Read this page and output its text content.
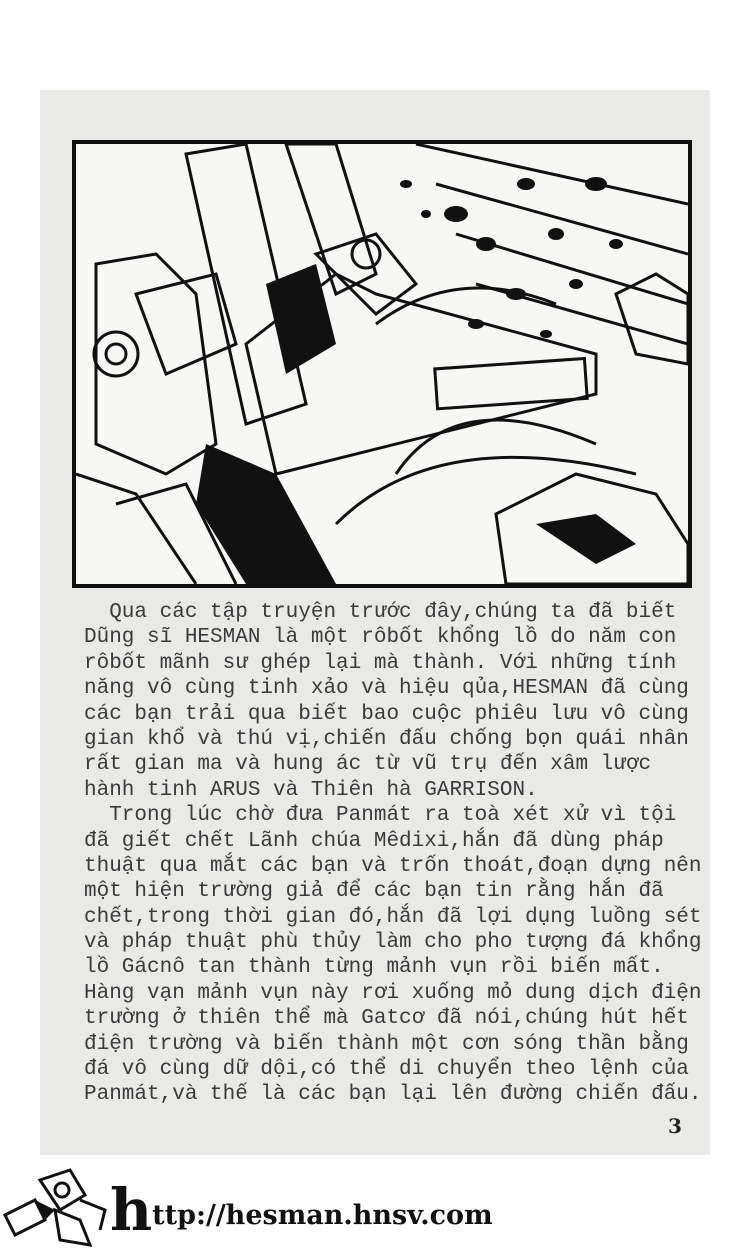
Qua các tập truyện trước đây,chúng ta đã biết
Dũng sĩ HESMAN là một rôbốt khổng lồ do năm con
rôbốt mãnh sư ghép lại mà thành. Với những tính
năng vô cùng tinh xảo và hiệu qủa,HESMAN đã cùng
các bạn trải qua biết bao cuộc phiêu lưu vô cùng
gian khổ và thú vị,chiến đấu chống bọn quái nhân
rất gian ma và hung ác từ vũ trụ đến xâm lược
hành tinh ARUS và Thiên hà GARRISON.
Trong lúc chờ đưa Panmát ra toà xét xử vì tội
đã giết chết Lãnh chúa Mêdixi,hắn đã dùng pháp
thuật qua mắt các bạn và trốn thoát,đoạn dựng nên
một hiện trường giả để các bạn tin rằng hắn đã
chết,trong thời gian đó,hắn đã lợi dụng luồng sét
và pháp thuật phù thủy làm cho pho tượng đá khổng
lồ Gácnô tan thành từng mảnh vụn rồi biến mất.
Hàng vạn mảnh vụn này rơi xuống mỏ dung dịch điện
trường ở thiên thể mà Gatcơ đã nói,chúng hút hết
điện trường và biến thành một cơn sóng thần bằng
đá vô cùng dữ dội,có thể di chuyển theo lệnh của
Panmát,và thế là các bạn lại lên đường chiến đấu.
3
http://hesman.hnsv.com
